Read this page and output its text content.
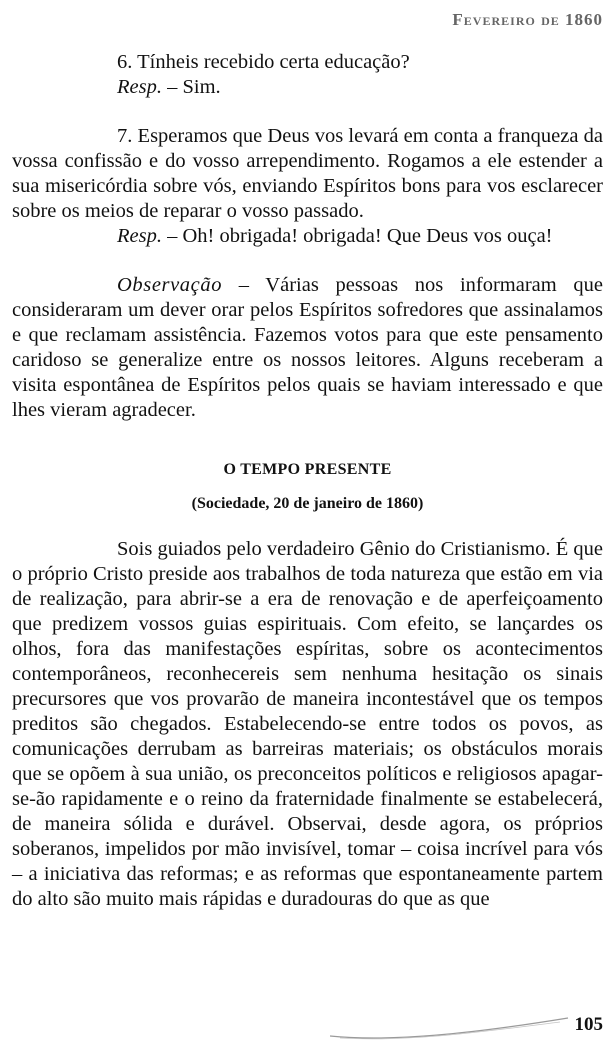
Fevereiro de 1860

6. Tínheis recebido certa educação?

Resp. – Sim.

7. Esperamos que Deus vos levará em conta a franqueza da vossa confissão e do vosso arrependimento. Rogamos a ele estender a sua misericórdia sobre vós, enviando Espíritos bons para vos esclarecer sobre os meios de reparar o vosso passado.

Resp. – Oh! obrigada! obrigada! Que Deus vos ouça!

Observação – Várias pessoas nos informaram que consideraram um dever orar pelos Espíritos sofredores que assinalamos e que reclamam assistência. Fazemos votos para que este pensamento caridoso se generalize entre os nossos leitores. Alguns receberam a visita espontânea de Espíritos pelos quais se haviam interessado e que lhes vieram agradecer.

O TEMPO PRESENTE
(Sociedade, 20 de janeiro de 1860)

Sois guiados pelo verdadeiro Gênio do Cristianismo. É que o próprio Cristo preside aos trabalhos de toda natureza que estão em via de realização, para abrir-se a era de renovação e de aperfeiçoamento que predizem vossos guias espirituais. Com efeito, se lançardes os olhos, fora das manifestações espíritas, sobre os acontecimentos contemporâneos, reconhecereis sem nenhuma hesitação os sinais precursores que vos provarão de maneira incontestável que os tempos preditos são chegados. Estabelecendo-se entre todos os povos, as comunicações derrubam as barreiras materiais; os obstáculos morais que se opõem à sua união, os preconceitos políticos e religiosos apagar-se-ão rapidamente e o reino da fraternidade finalmente se estabelecerá, de maneira sólida e durável. Observai, desde agora, os próprios soberanos, impelidos por mão invisível, tomar – coisa incrível para vós – a iniciativa das reformas; e as reformas que espontaneamente partem do alto são muito mais rápidas e duradouras do que as que

105
